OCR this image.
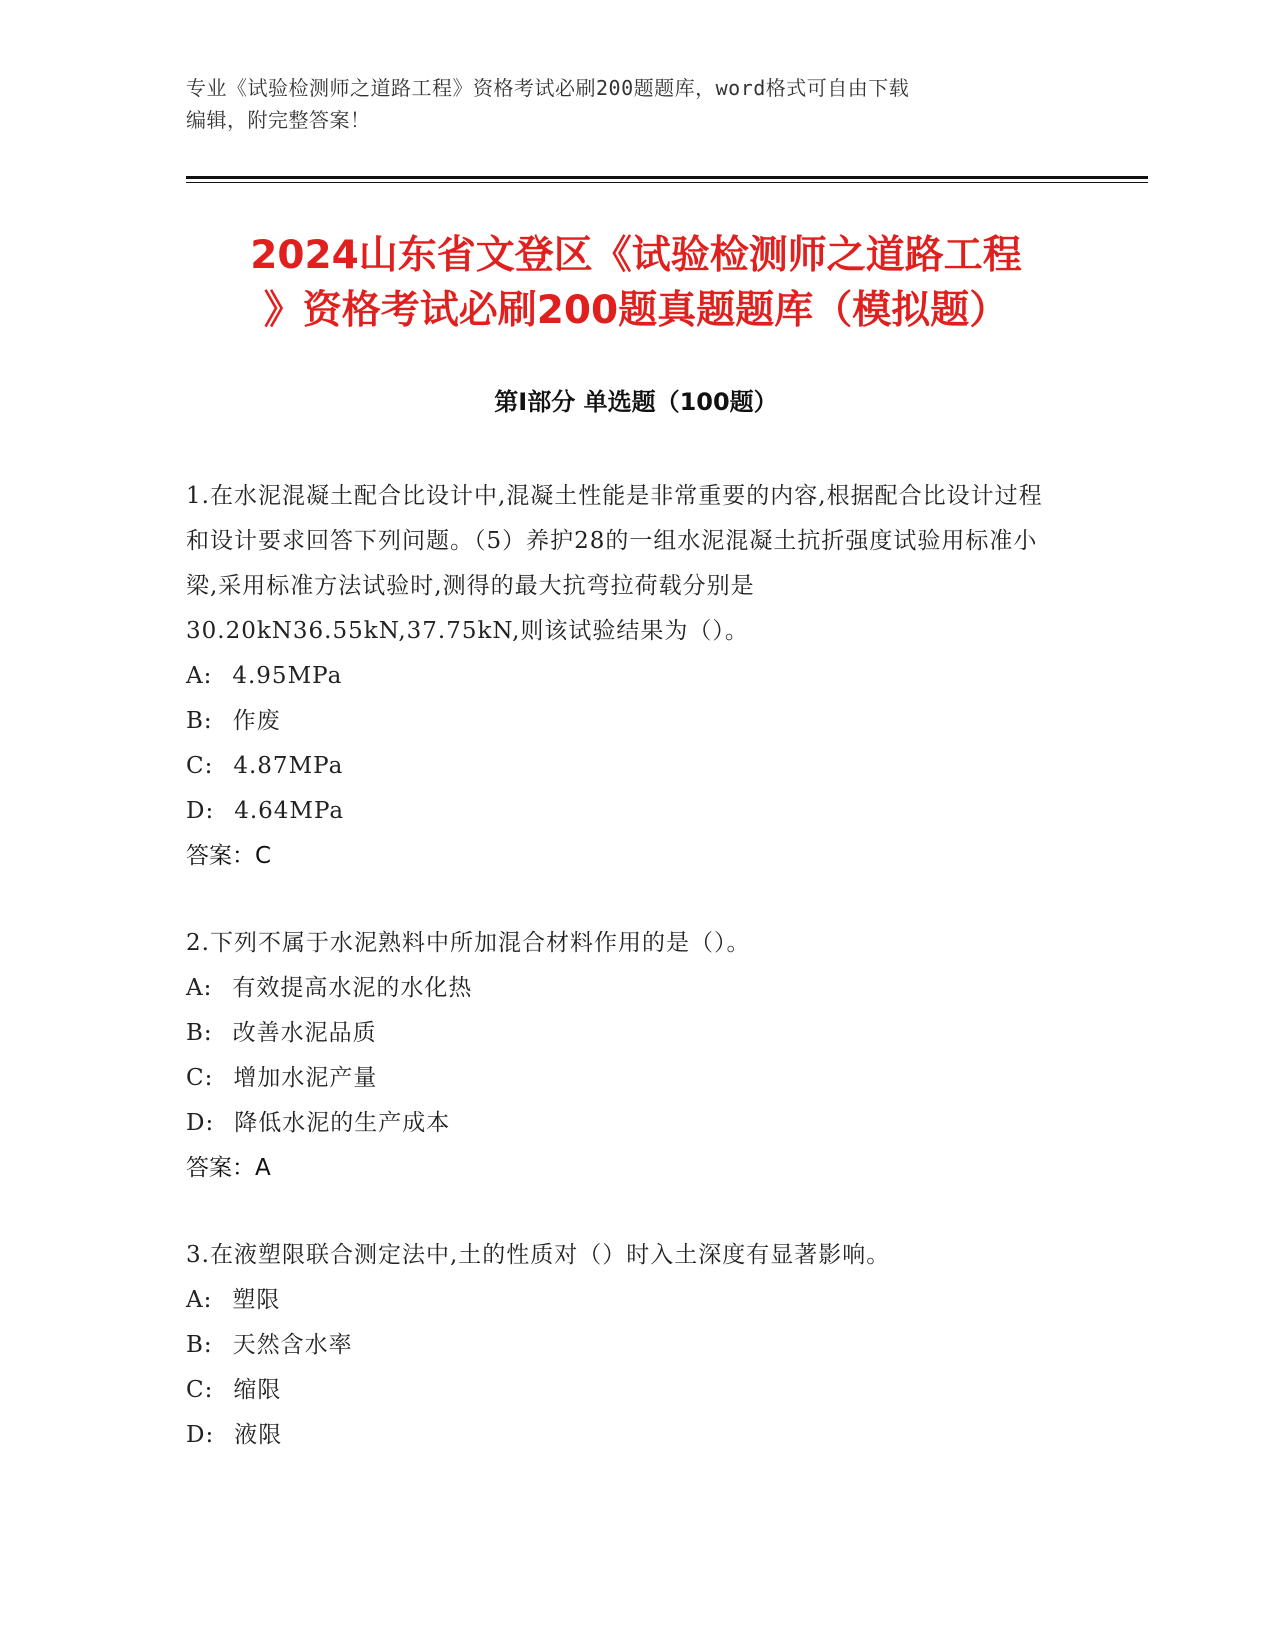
专业《试验检测师之道路工程》资格考试必刷200题题库，word格式可自由下载
编辑，附完整答案！
2024山东省文登区《试验检测师之道路工程
》资格考试必刷200题真题题库（模拟题）
第Ⅰ部分 单选题（100题）
1.在水泥混凝土配合比设计中,混凝土性能是非常重要的内容,根据配合比设计过程和设计要求回答下列问题。（5）养护28的一组水泥混凝土抗折强度试验用标准小梁,采用标准方法试验时,测得的最大抗弯拉荷载分别是30.20kN36.55kN,37.75kN,则该试验结果为（）。
A: 4.95MPa
B: 作废
C: 4.87MPa
D: 4.64MPa
答案：C
2.下列不属于水泥熟料中所加混合材料作用的是（）。
A: 有效提高水泥的水化热
B: 改善水泥品质
C: 增加水泥产量
D: 降低水泥的生产成本
答案：A
3.在液塑限联合测定法中,土的性质对（）时入土深度有显著影响。
A: 塑限
B: 天然含水率
C: 缩限
D: 液限
